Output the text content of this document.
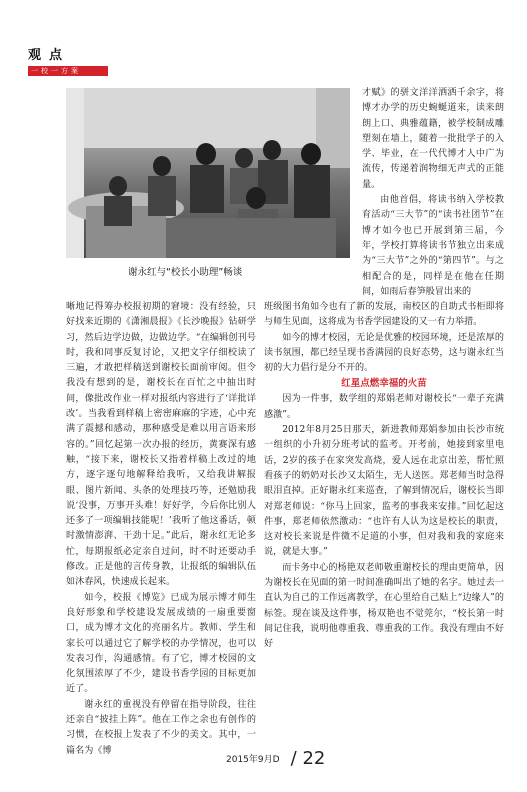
观点
一校一方案
谢永红与“校长小助理”畅谈

才赋》的骈文洋洋洒洒千余字，将博才办学的历史蜿蜒道来，读来朗朗上口、典雅蕴籍，被学校制成雕塑刻在墙上，随着一批批学子的入学、毕业，在一代代博才人中广为流传，传递着润物细无声式的正能量。

由他首倡，将读书纳入学校教育活动“三大节”的“读书社团节”在博才如今也已开展到第三届，今年，学校打算将读书节独立出来成为“三大节”之外的“第四节”。与之相配合的是，同样是在他在任期间，如雨后春笋般冒出来的

班级图书角如今也有了新的发展，南校区的自助式书柜即将与师生见面，这将成为书香学园建设的又一有力举措。

如今的博才校园，无论是优雅的校园环境，还是浓厚的读书氛围，都已经呈现书香满园的良好态势，这与谢永红当初的大力倡行是分不开的。

红星点燃幸福的火苗

因为一件事，数学组的郑娟老师对谢校长“一辈子充满感激”。

2012年8月25日那天，新进教师郑娟参加由长沙市统一组织的小升初分班考试的监考。开考前，她接到家里电话，2岁的孩子在家突发高烧，爱人远在北京出差，帮忙照看孩子的奶奶对长沙又太陌生，无人送医。郑老师当时急得眼泪直掉。正好谢永红来巡查，了解到情况后，谢校长当即对郑老师说：“你马上回家，监考的事我来安排。”回忆起这件事，郑老师依然激动：“也许有人认为这是校长的职责，这对校长来说是件微不足道的小事，但对我和我的家庭来说，就是大事。”

而卡务中心的杨艳双老师敬重谢校长的理由更简单，因为谢校长在见面的第一时间准确叫出了她的名字。她过去一直认为自己的工作远离教学，在心里给自己贴上“边缘人”的标签。现在谈及这件事，杨双艳也不觉莞尔，“校长第一时间记住我，说明他尊重我、尊重我的工作。我没有理由不好好

晰地记得筹办校报初期的窘境：没有经验，只好找来近期的《潇湘晨报》《长沙晚报》钻研学习，然后边学边做，边做边学。“在编辑创刊号时，我和同事反复讨论，又把文字仔细校读了三遍，才敢把样稿送到谢校长面前审阅。但令我没有想到的是，谢校长在百忙之中抽出时间，像批改作业一样对报纸内容进行了‘详批详改’。当我看到样稿上密密麻麻的字迹，心中充满了震撼和感动，那种感受是难以用言语来形容的。”回忆起第一次办报的经历，黄赛深有感触，“接下来，谢校长又指着样稿上改过的地方，逐字逐句地解释给我听，又给我讲解报眼、图片新闻、头条的处理技巧等，还勉励我说‘没事，万事开头难！好好学，今后你比别人还多了一项编辑技能呢！’我听了他这番话，顿时激情澎湃、干劲十足。”此后，谢永红无论多忙，每期报纸必定亲自过问，时不时还要动手修改。正是他的言传身教，让报纸的编辑队伍如沐春风，快速成长起来。

如今，校报《博览》已成为展示博才师生良好形象和学校建设发展成绩的一扇重要窗口，成为博才文化的亮丽名片。教师、学生和家长可以通过它了解学校的办学情况，也可以发表习作，沟通感情。有了它，博才校园的文化氛围浓厚了不少，建设书香学园的目标更加近了。

谢永红的重视没有停留在指导阶段，往往还亲自“披挂上阵”。他在工作之余也有创作的习惯，在校报上发表了不少的美文。其中，一篇名为《博

2015年9月D / 22
